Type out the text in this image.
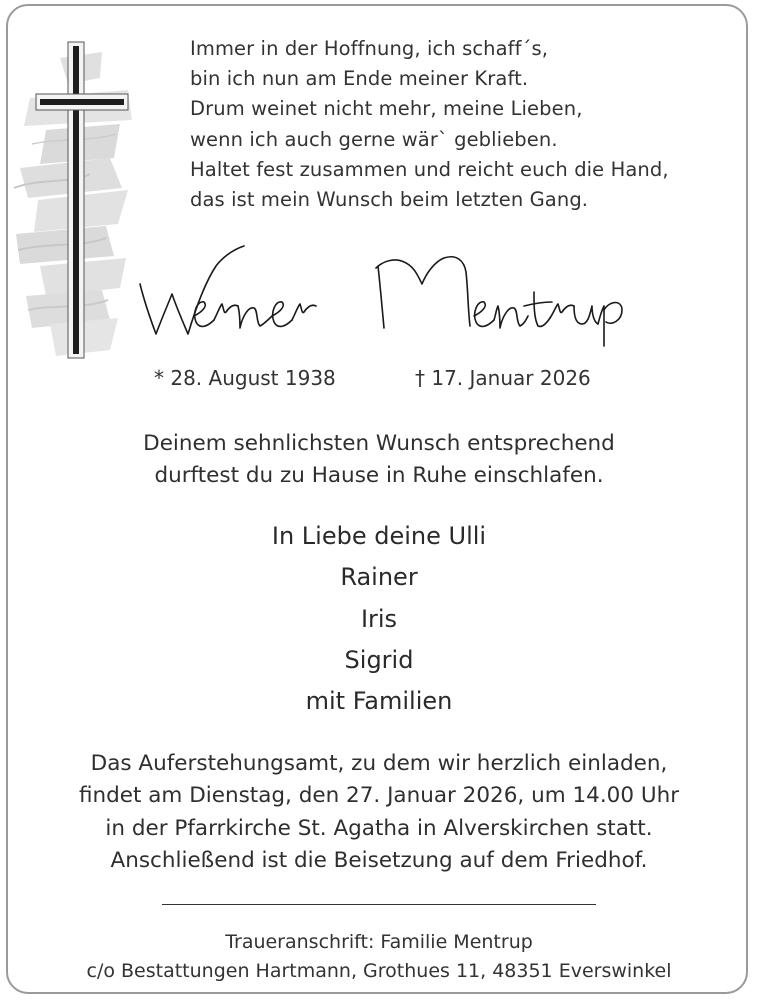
Immer in der Hoffnung, ich schaff´s,
bin ich nun am Ende meiner Kraft.
Drum weinet nicht mehr, meine Lieben,
wenn ich auch gerne wär` geblieben.
Haltet fest zusammen und reicht euch die Hand,
das ist mein Wunsch beim letzten Gang.
* 28. August 1938	† 17. Januar 2026
Deinem sehnlichsten Wunsch entsprechend
durftest du zu Hause in Ruhe einschlafen.
In Liebe deine Ulli
Rainer
Iris
Sigrid
mit Familien
Das Auferstehungsamt, zu dem wir herzlich einladen,
findet am Dienstag, den 27. Januar 2026, um 14.00 Uhr
in der Pfarrkirche St. Agatha in Alverskirchen statt.
Anschließend ist die Beisetzung auf dem Friedhof.
Traueranschrift: Familie Mentrup
c/o Bestattungen Hartmann, Grothues 11, 48351 Everswinkel
